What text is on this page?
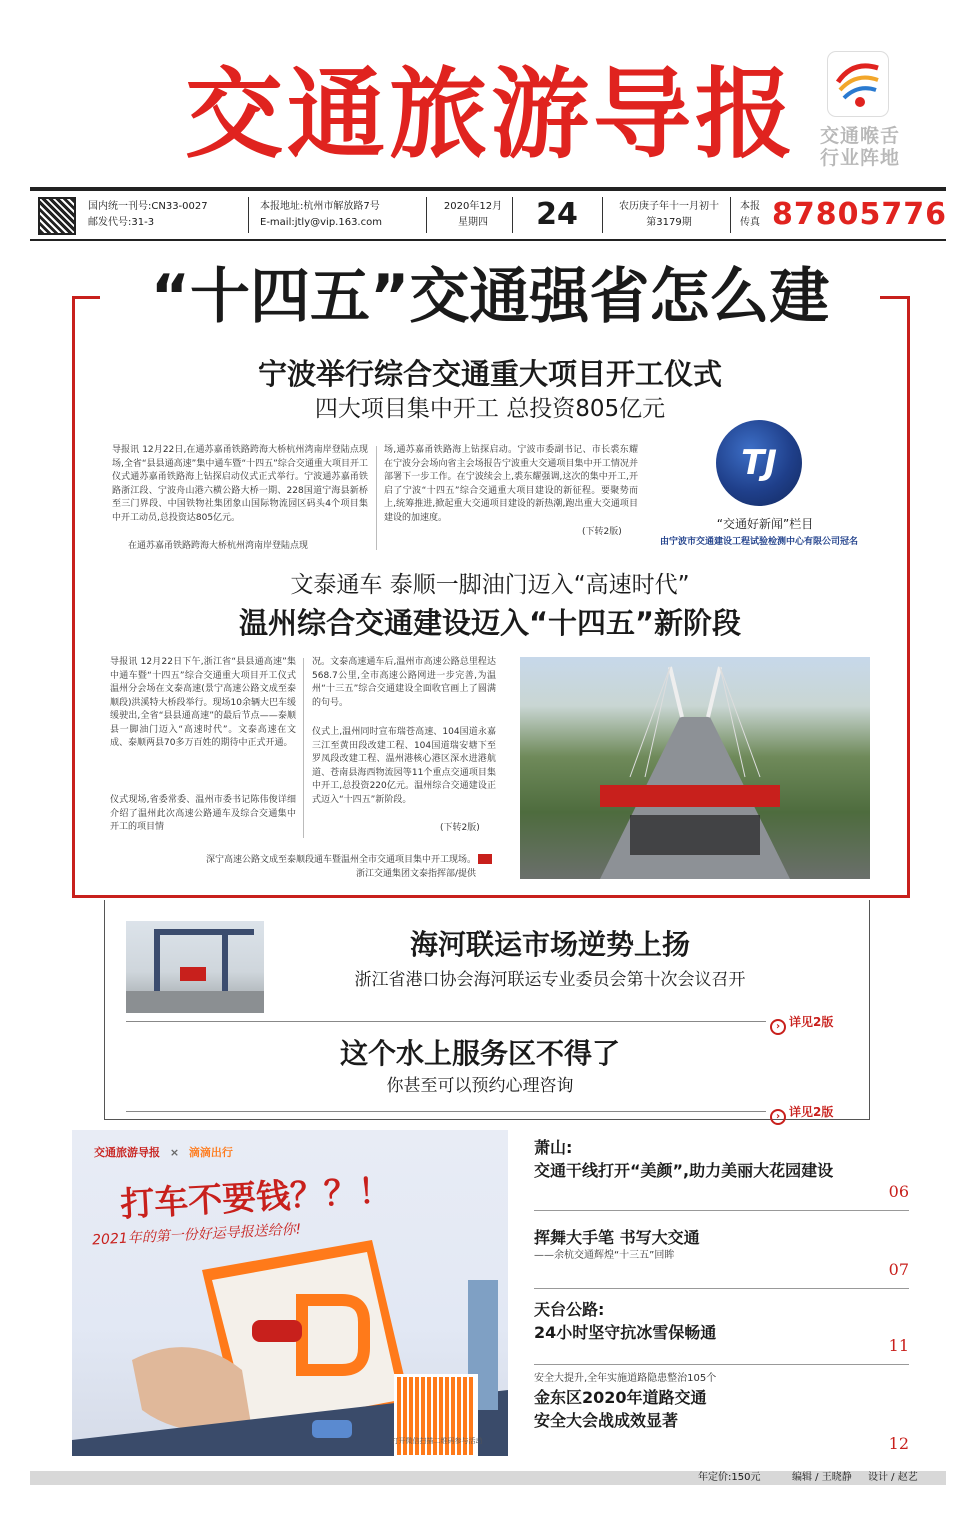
交通旅游导报	交通喉舌
行业阵地
国内统一刊号:CN33-0027
邮发代号:31-3
本报地址:杭州市解放路7号
E-mail:jtly@vip.163.com
2020年12月
星期四 24	农历庚子年十一月初十
第3179期
本报
传真 87805776
“十四五”交通强省怎么建
宁波举行综合交通重大项目开工仪式
四大项目集中开工 总投资805亿元
导报讯 12月22日,在通苏嘉甬铁路跨海大桥杭州湾南岸登陆点现场,全省“县县通高速”集中通车暨“十四五”综合交通重大项目开工仪式通苏嘉甬铁路海上钻探启动仪式正式举行。宁波通苏嘉甬铁路浙江段、宁波舟山港六横公路大桥一期、228国道宁海县新桥至三门界段、中国铁物社集团象山国际物流园区码头4个项目集中开工动员,总投资达805亿元。
在通苏嘉甬铁路跨海大桥杭州湾南岸登陆点现
场,通苏嘉甬铁路海上钻探启动。宁波市委副书记、市长裘东耀在宁波分会场向省主会场报告宁波重大交通项目集中开工情况并部署下一步工作。在宁波续会上,裘东耀强调,这次的集中开工,开启了宁波“十四五”综合交通重大项目建设的新征程。要聚势而上,统筹推进,掀起重大交通项目建设的新热潮,跑出重大交通项目建设的加速度。
(下转2版)
TJ
“交通好新闻”栏目
由宁波市交通建设工程试验检测中心有限公司冠名
文泰通车 泰顺一脚油门迈入“高速时代”
温州综合交通建设迈入“十四五”新阶段
导报讯 12月22日下午,浙江省“县县通高速”集中通车暨“十四五”综合交通重大项目开工仪式温州分会场在文泰高速(景宁高速公路文成至泰顺段)洪溪特大桥段举行。现场10余辆大巴车缓缓驶出,全省“县县通高速”的最后节点——泰顺县一脚油门迈入“高速时代”。文泰高速在文成、泰顺两县70多万百姓的期待中正式开通。
仪式现场,省委常委、温州市委书记陈伟俊详细介绍了温州此次高速公路通车及综合交通集中开工的项目情
况。文泰高速通车后,温州市高速公路总里程达568.7公里,全市高速公路网进一步完善,为温州“十三五”综合交通建设全面收官画上了圆满的句号。
仪式上,温州同时宣布瑞苍高速、104国道永嘉三江至黄田段改建工程、104国道瑞安塘下至罗凤段改建工程、温州港核心港区深水进港航道、苍南县海西物流园等11个重点交通项目集中开工,总投资220亿元。温州综合交通建设正式迈入“十四五”新阶段。
(下转2版)
深宁高速公路文成至泰顺段通车暨温州全市交通项目集中开工现场。
浙江交通集团文泰指挥部/提供
海河联运市场逆势上扬
浙江省港口协会海河联运专业委员会第十次会议召开
› 详见2版
这个水上服务区不得了
你甚至可以预约心理咨询
› 详见2版
交通旅游导报 × 滴滴出行
打车不要钱？？！
2021年的第一份好运导报送给你!
打开微信扫描二维码参与活动
萧山:
交通干线打开“美颜”,助力美丽大花园建设
06
挥舞大手笔 书写大交通
——余杭交通辉煌“十三五”回眸
07
天台公路:
24小时坚守抗冰雪保畅通
11
安全大提升,全年实施道路隐患整治105个
金东区2020年道路交通
安全大会战成效显著
12
年定价:150元	编辑 / 王晓静 设计 / 赵艺
